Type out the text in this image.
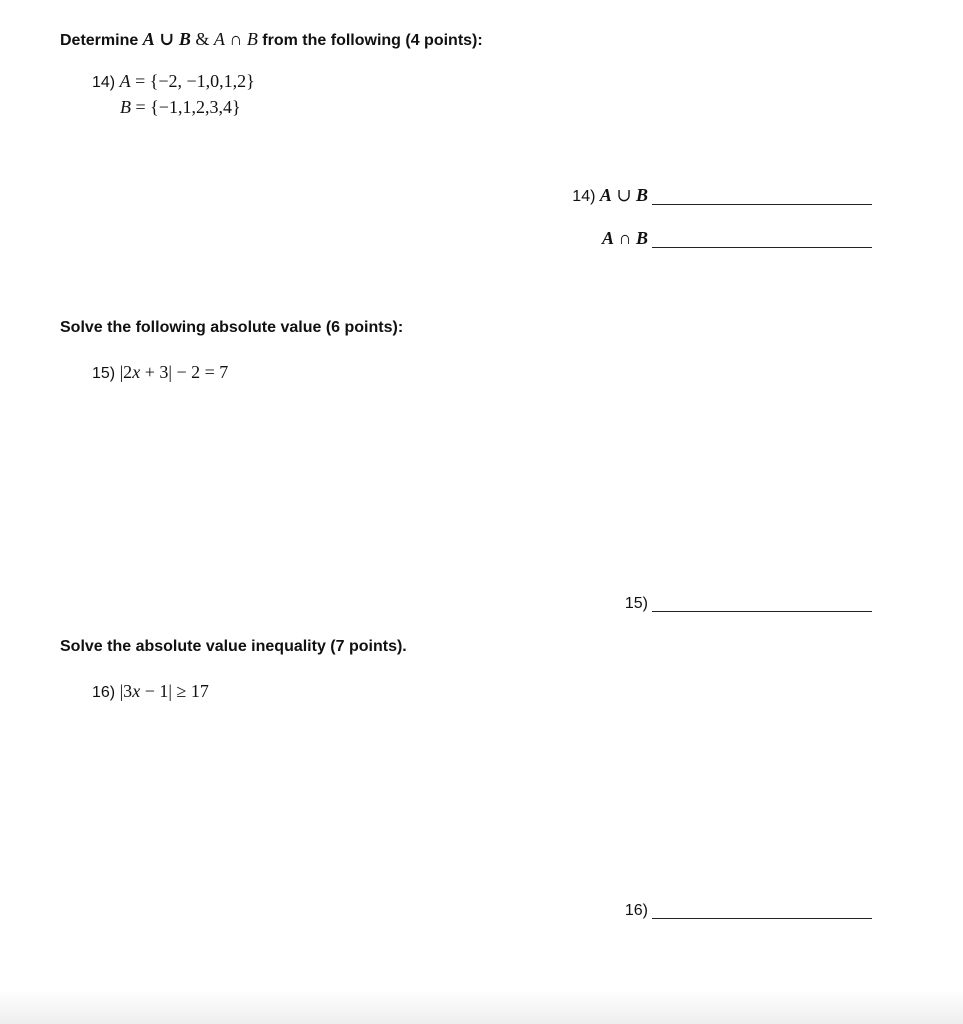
Determine A ∪ B & A ∩ B from the following (4 points):
14) A = {−2, −1,0,1,2}
B = {−1,1,2,3,4}
14) A ∪ B
A ∩ B
Solve the following absolute value (6 points):
15) |2x + 3| − 2 = 7
15)
Solve the absolute value inequality (7 points).
16) |3x − 1| ≥ 17
16)
